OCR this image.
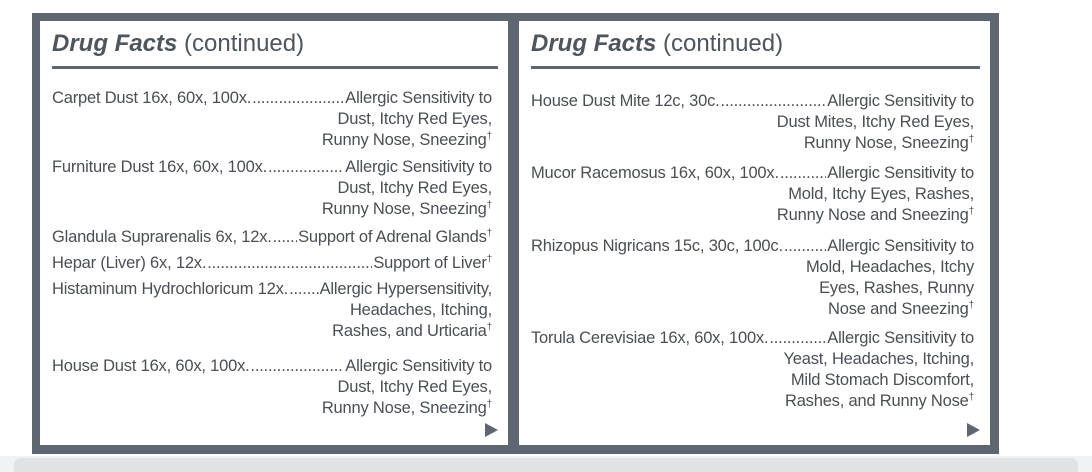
Drug Facts (continued)
Carpet Dust 16x, 60x, 100x. .....	Allergic Sensitivity to
Dust, Itchy Red Eyes,
Runny Nose, Sneezing†
Furniture Dust 16x, 60x, 100x. .....	Allergic Sensitivity to
Dust, Itchy Red Eyes,
Runny Nose, Sneezing†
Glandula Suprarenalis 6x, 12x. ..... Support of Adrenal Glands†
Hepar (Liver) 6x, 12x. .....	Support of Liver†
Histaminum Hydrochloricum 12x. ..... Allergic Hypersensitivity,
Headaches, Itching,
Rashes, and Urticaria†
House Dust 16x, 60x, 100x. .....	Allergic Sensitivity to
Dust, Itchy Red Eyes,
Runny Nose, Sneezing†
Drug Facts (continued)
House Dust Mite 12c, 30c. .....	Allergic Sensitivity to
Dust Mites, Itchy Red Eyes,
Runny Nose, Sneezing†
Mucor Racemosus 16x, 60x, 100x. .....	Allergic Sensitivity to
Mold, Itchy Eyes, Rashes,
Runny Nose and Sneezing†
Rhizopus Nigricans 15c, 30c, 100c. .....	Allergic Sensitivity to
Mold, Headaches, Itchy
Eyes, Rashes, Runny
Nose and Sneezing†
Torula Cerevisiae 16x, 60x, 100x. .....	Allergic Sensitivity to
Yeast, Headaches, Itching,
Mild Stomach Discomfort,
Rashes, and Runny Nose†
